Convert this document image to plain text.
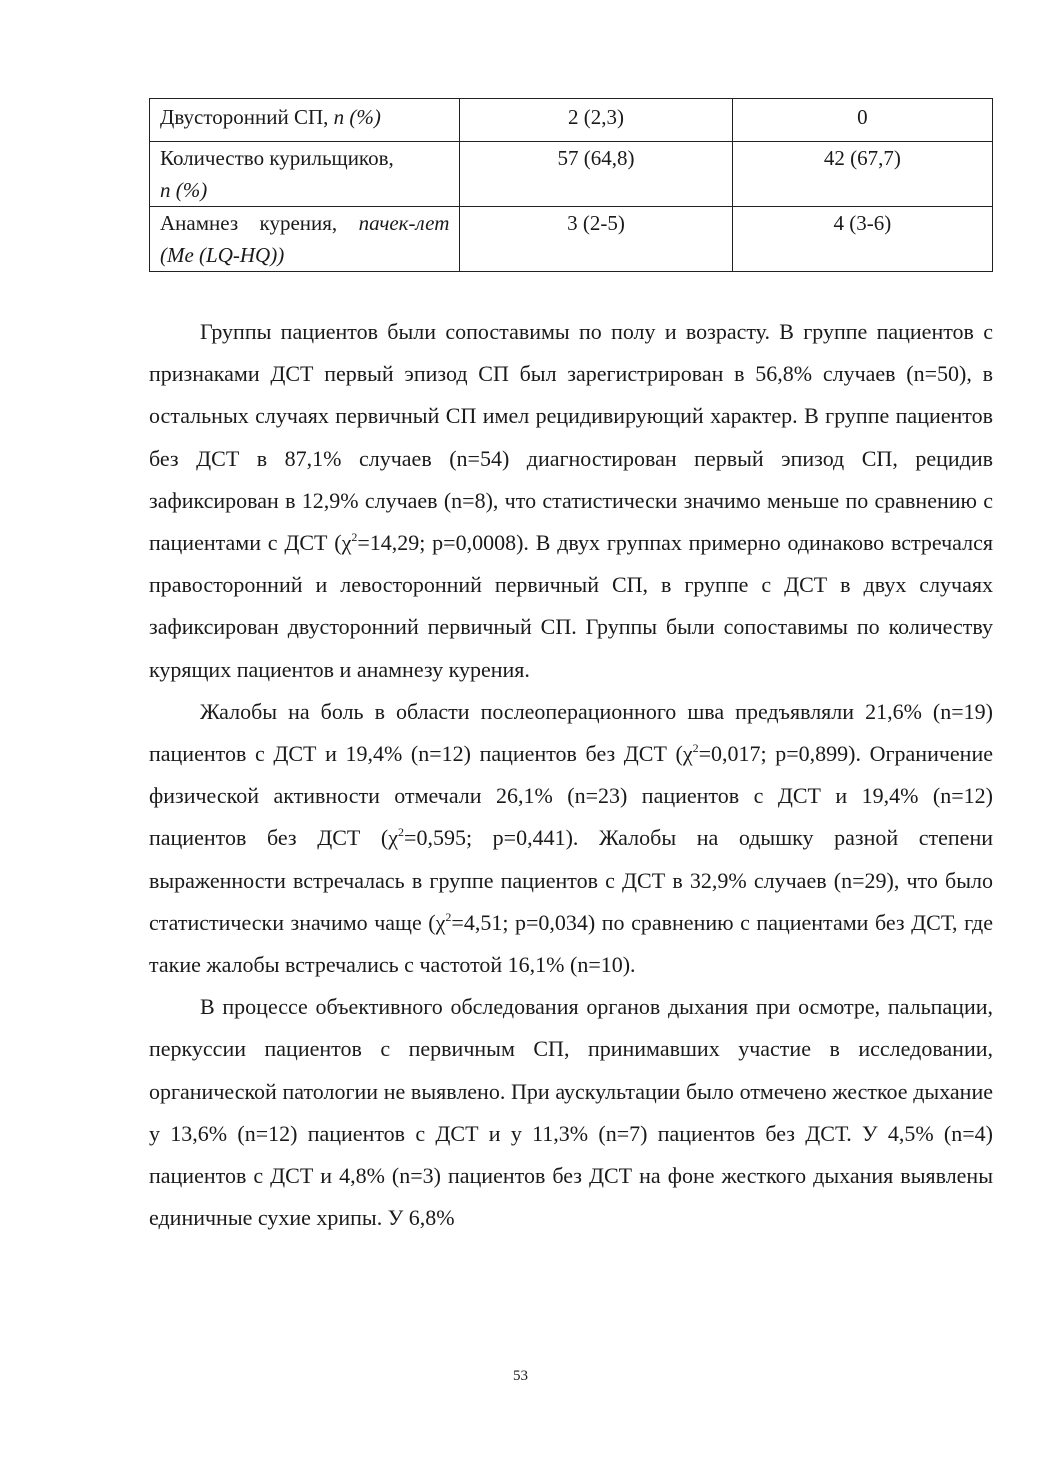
Двусторонний СП, n (%)	2 (2,3)	0

Количество курильщиков,
n (%)	57 (64,8)	42 (67,7)
Анамнез курения, пачек-лет (Me (LQ-HQ))	3 (2-5)	4 (3-6)

Группы пациентов были сопоставимы по полу и возрасту. В группе пациентов с признаками ДСТ первый эпизод СП был зарегистрирован в 56,8% случаев (n=50), в остальных случаях первичный СП имел рецидивирующий характер. В группе пациентов без ДСТ в 87,1% случаев (n=54) диагностирован первый эпизод СП, рецидив зафиксирован в 12,9% случаев (n=8), что статистически значимо меньше по сравнению с пациентами с ДСТ ($\chi^2=14,29$; p=0,0008). В двух группах примерно одинаково встречался правосторонний и левосторонний первичный СП, в группе с ДСТ в двух случаях зафиксирован двусторонний первичный СП. Группы были сопоставимы по количеству курящих пациентов и анамнезу курения.

Жалобы на боль в области послеоперационного шва предъявляли 21,6% (n=19) пациентов с ДСТ и 19,4% (n=12) пациентов без ДСТ ($\chi^2=0,017$; p=0,899). Ограничение физической активности отмечали 26,1% (n=23) пациентов с ДСТ и 19,4% (n=12) пациентов без ДСТ ($\chi^2=0,595$; p=0,441). Жалобы на одышку разной степени выраженности встречалась в группе пациентов с ДСТ в 32,9% случаев (n=29), что было статистически значимо чаще ($\chi^2=4,51$; p=0,034) по сравнению с пациентами без ДСТ, где такие жалобы встречались с частотой 16,1% (n=10).

В процессе объективного обследования органов дыхания при осмотре, пальпации, перкуссии пациентов с первичным СП, принимавших участие в исследовании, органической патологии не выявлено. При аускультации было отмечено жесткое дыхание у 13,6% (n=12) пациентов с ДСТ и у 11,3% (n=7) пациентов без ДСТ. У 4,5% (n=4) пациентов с ДСТ и 4,8% (n=3) пациентов без ДСТ на фоне жесткого дыхания выявлены единичные сухие хрипы. У 6,8%

53
